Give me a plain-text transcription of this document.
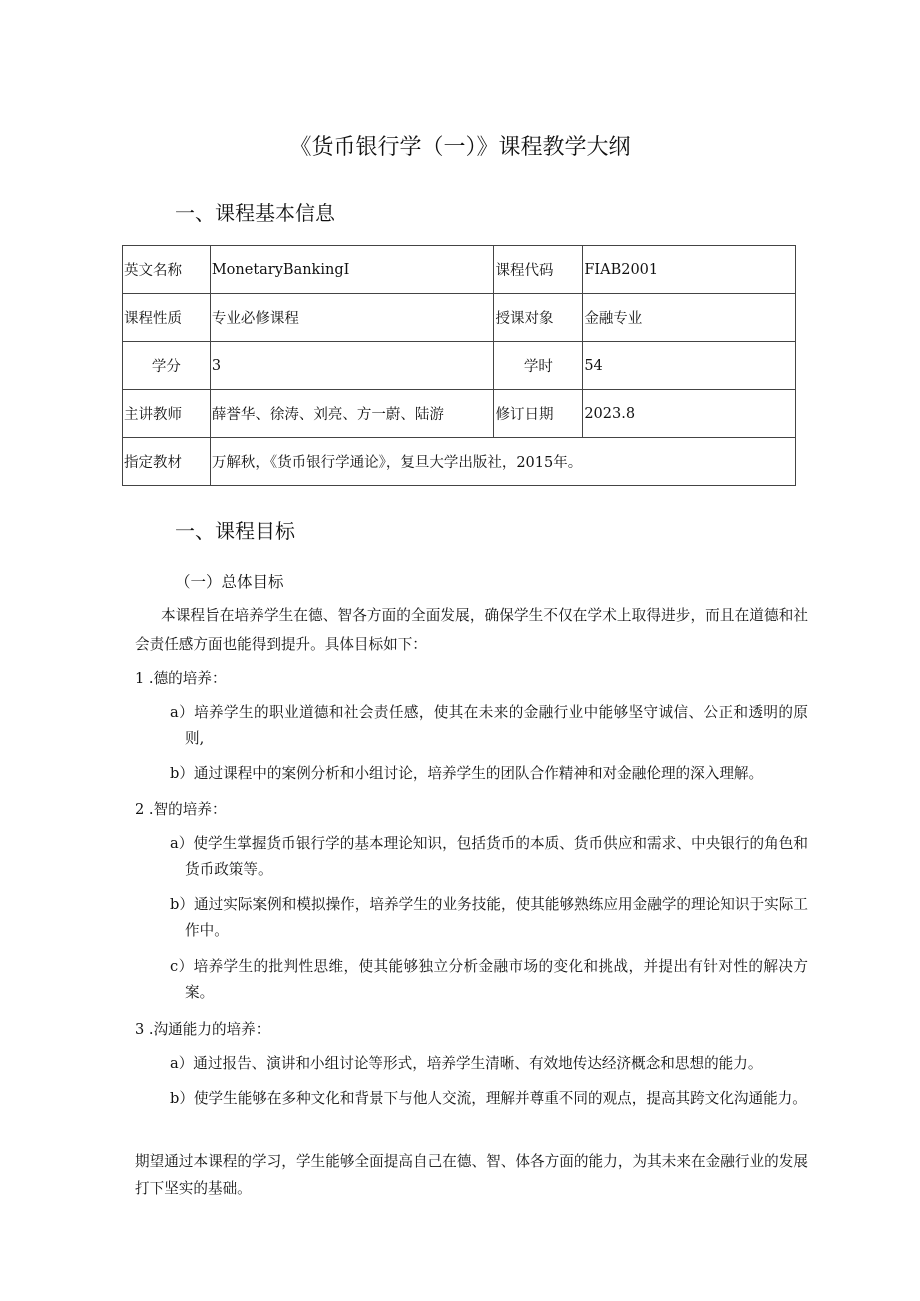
《货币银行学（一）》课程教学大纲
一、课程基本信息
英文名称	MonetaryBankingI	课程代码	FIAB2001
课程性质	专业必修课程	授课对象	金融专业
学分	3	学时	54
主讲教师	薛誉华、徐涛、刘亮、方一蔚、陆游	修订日期	2023.8
指定教材	万解秋，《货币银行学通论》，复旦大学出版社，2015年。		
一、课程目标
（一）总体目标
本课程旨在培养学生在德、智各方面的全面发展，确保学生不仅在学术上取得进步，而且在道德和社会责任感方面也能得到提升。具体目标如下：
1 .德的培养：
a）培养学生的职业道德和社会责任感，使其在未来的金融行业中能够坚守诚信、公正和透明的原则,
b）通过课程中的案例分析和小组讨论，培养学生的团队合作精神和对金融伦理的深入理解。
2 .智的培养：
a）使学生掌握货币银行学的基本理论知识，包括货币的本质、货币供应和需求、中央银行的角色和货币政策等。
b）通过实际案例和模拟操作，培养学生的业务技能，使其能够熟练应用金融学的理论知识于实际工作中。
c）培养学生的批判性思维，使其能够独立分析金融市场的变化和挑战，并提出有针对性的解决方案。
3 .沟通能力的培养：
a）通过报告、演讲和小组讨论等形式，培养学生清晰、有效地传达经济概念和思想的能力。
b）使学生能够在多种文化和背景下与他人交流，理解并尊重不同的观点，提高其跨文化沟通能力。
期望通过本课程的学习，学生能够全面提高自己在德、智、体各方面的能力，为其未来在金融行业的发展打下坚实的基础。
